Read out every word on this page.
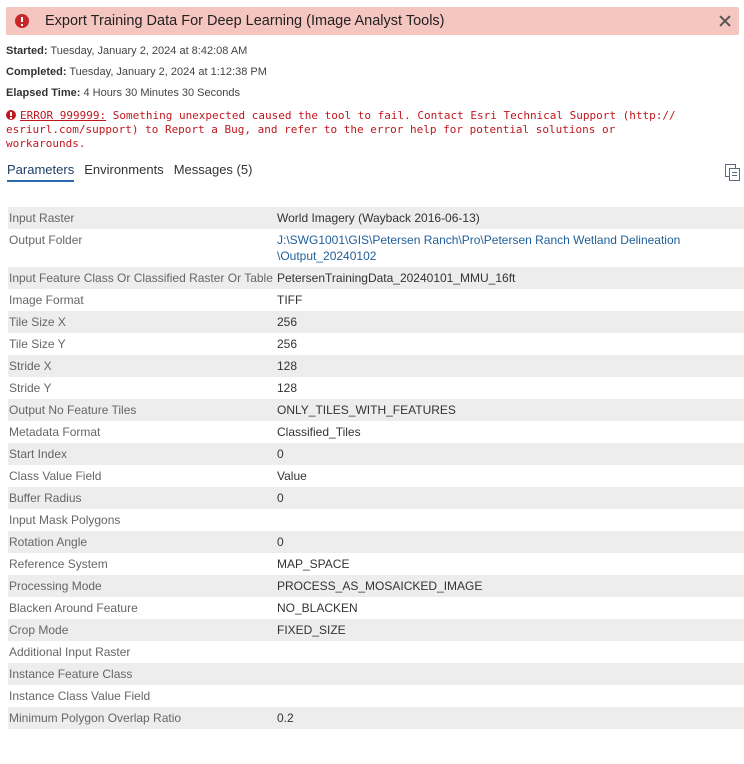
Export Training Data For Deep Learning (Image Analyst Tools)
Started: Tuesday, January 2, 2024 at 8:42:08 AM
Completed: Tuesday, January 2, 2024 at 1:12:38 PM
Elapsed Time: 4 Hours 30 Minutes 30 Seconds
ERROR 999999: Something unexpected caused the tool to fail. Contact Esri Technical Support (http://
esriurl.com/support) to Report a Bug, and refer to the error help for potential solutions or
workarounds.
Parameters Environments Messages (5)
Input Raster	World Imagery (Wayback 2016-06-13)
Output Folder	J:\SWG1001\GIS\Petersen Ranch\Pro\Petersen Ranch Wetland Delineation
\Output_20240102
Input Feature Class Or Classified Raster Or Table PetersenTrainingData_20240101_MMU_16ft
Image Format	TIFF
Tile Size X	256
Tile Size Y	256
Stride X	128
Stride Y	128
Output No Feature Tiles	ONLY_TILES_WITH_FEATURES
Metadata Format	Classified_Tiles
Start Index	0
Class Value Field	Value
Buffer Radius	0
Input Mask Polygons
Rotation Angle	0
Reference System	MAP_SPACE
Processing Mode	PROCESS_AS_MOSAICKED_IMAGE
Blacken Around Feature	NO_BLACKEN
Crop Mode	FIXED_SIZE
Additional Input Raster
Instance Feature Class
Instance Class Value Field
Minimum Polygon Overlap Ratio	0.2
